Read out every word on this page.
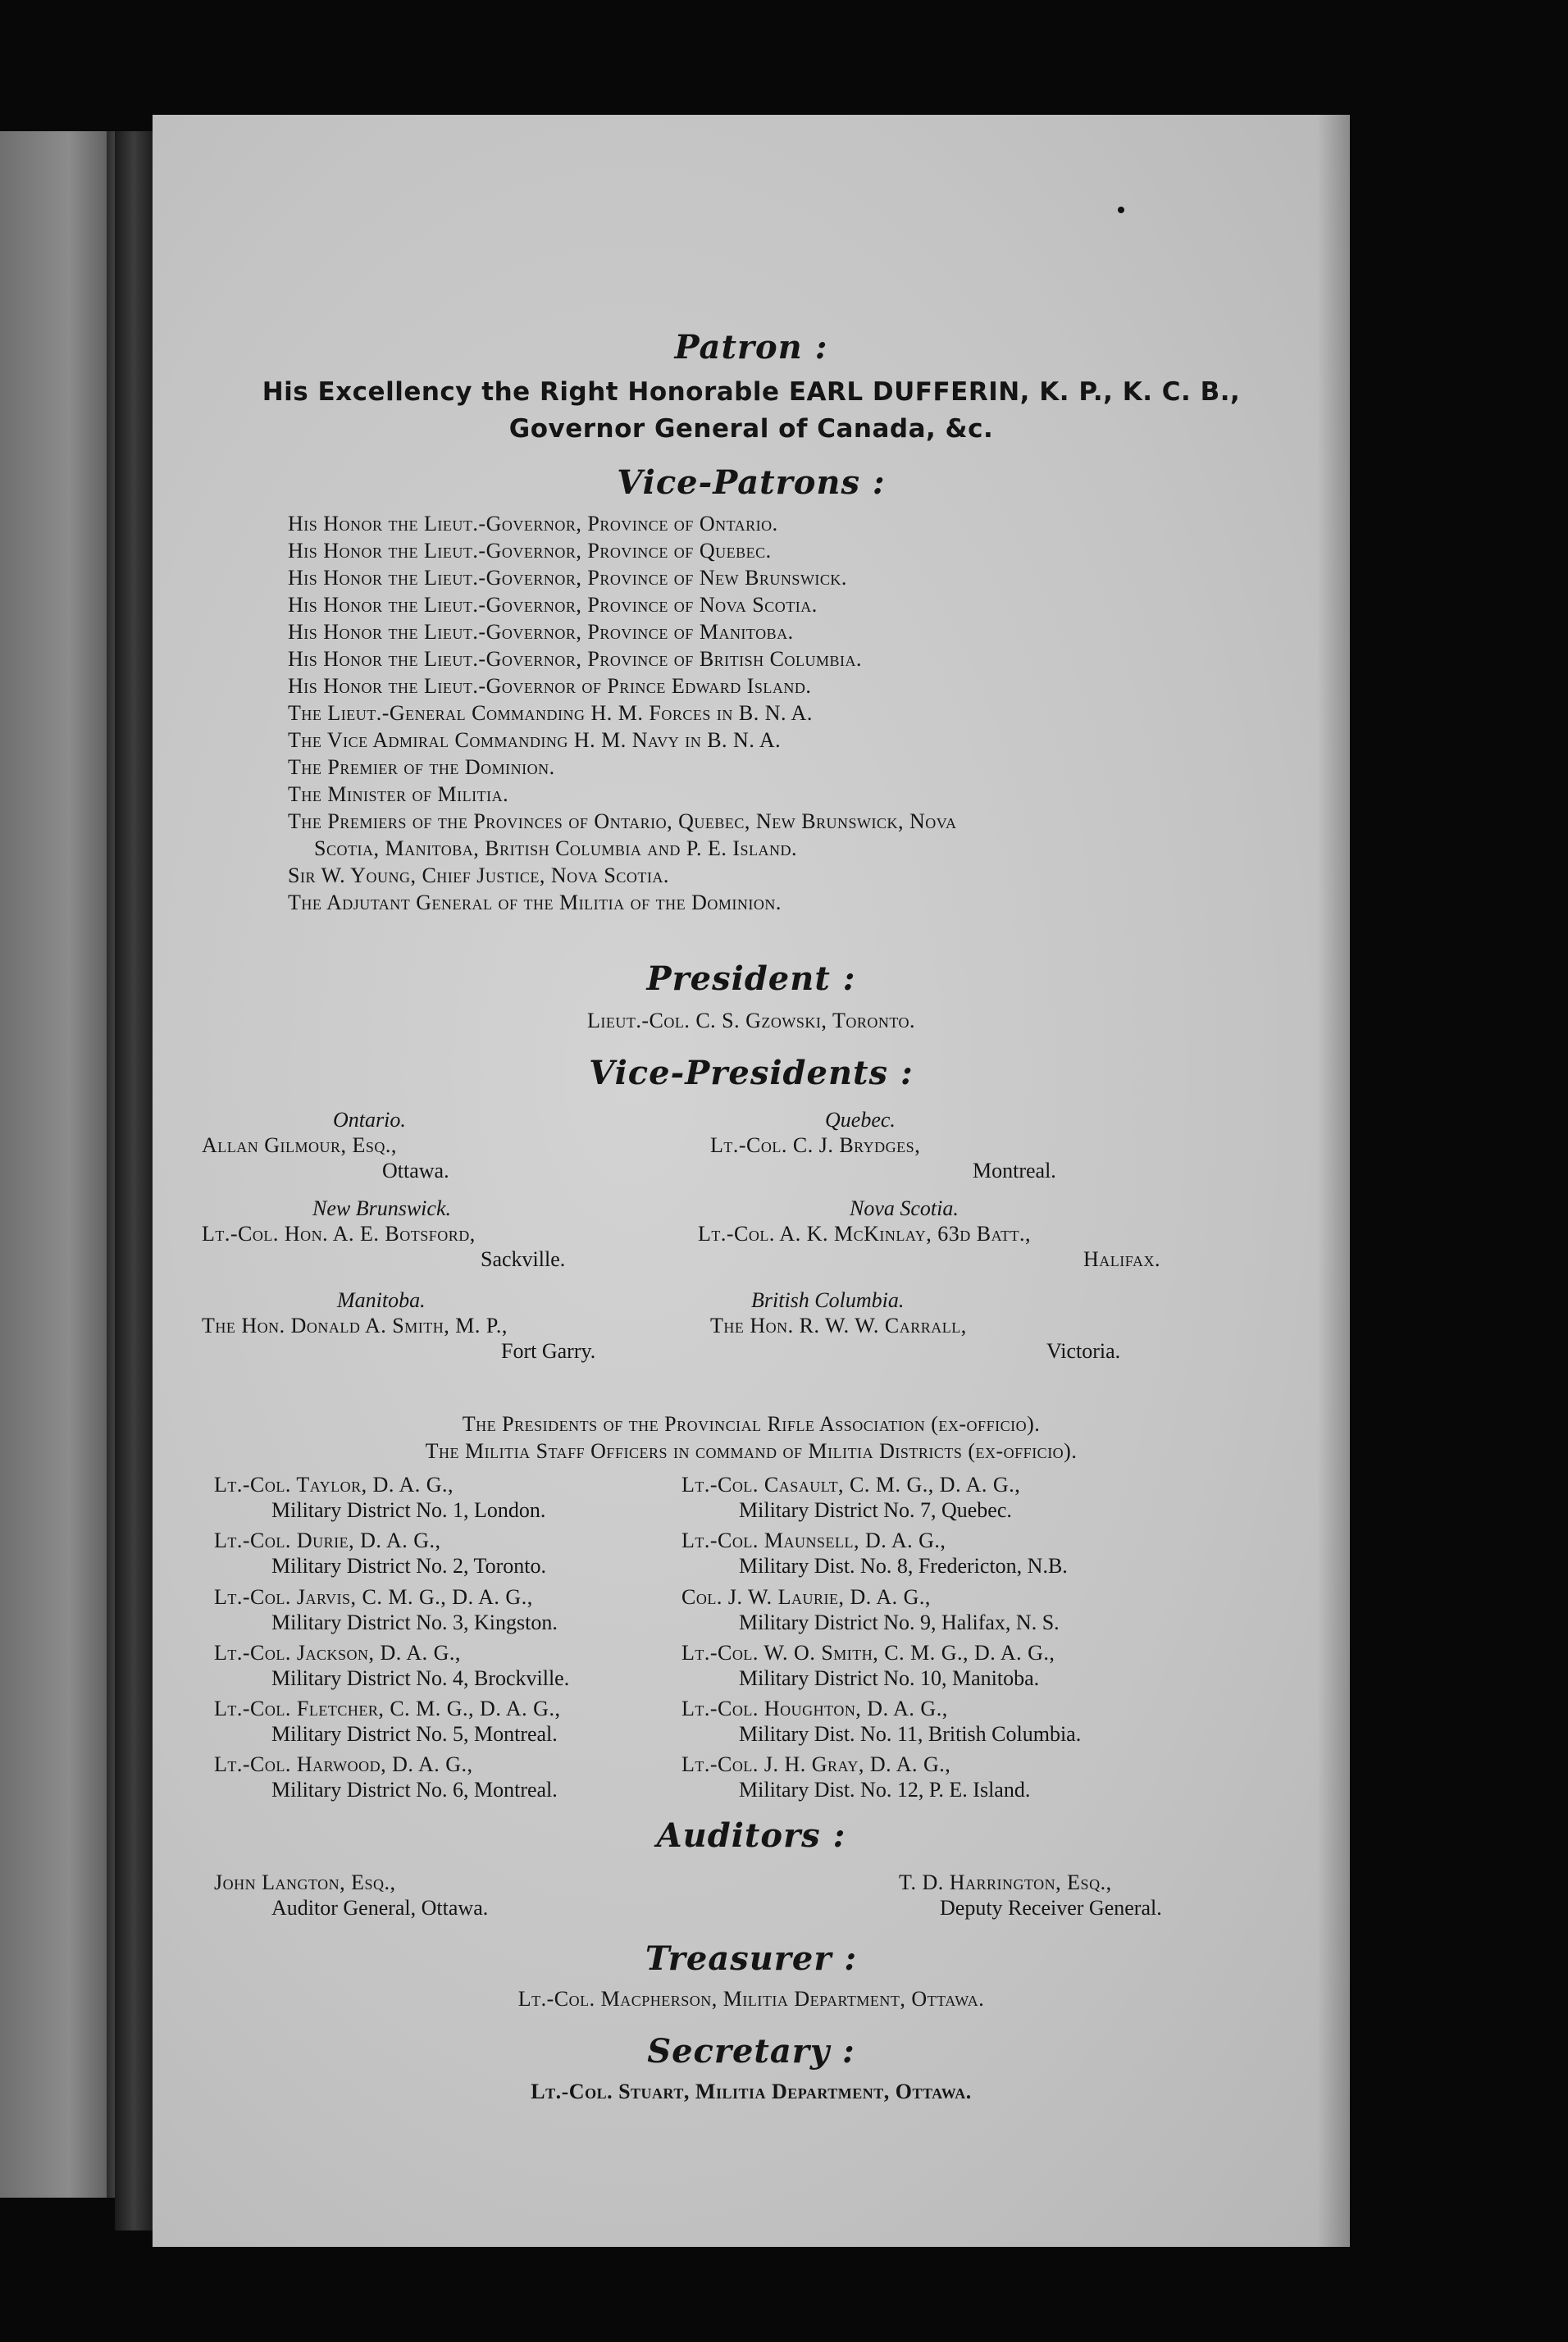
Patron :
His Excellency the Right Honorable EARL DUFFERIN, K. P., K. C. B.,
Governor General of Canada, &c.
Vice-Patrons :
His Honor the Lieut.-Governor, Province of Ontario.
His Honor the Lieut.-Governor, Province of Quebec.
His Honor the Lieut.-Governor, Province of New Brunswick.
His Honor the Lieut.-Governor, Province of Nova Scotia.
His Honor the Lieut.-Governor, Province of Manitoba.
His Honor the Lieut.-Governor, Province of British Columbia.
His Honor the Lieut.-Governor of Prince Edward Island.
The Lieut.-General Commanding H. M. Forces in B. N. A.
The Vice Admiral Commanding H. M. Navy in B. N. A.
The Premier of the Dominion.
The Minister of Militia.
The Premiers of the Provinces of Ontario, Quebec, New Brunswick, Nova
Scotia, Manitoba, British Columbia and P. E. Island.
Sir W. Young, Chief Justice, Nova Scotia.
The Adjutant General of the Militia of the Dominion.
President :
Lieut.-Col. C. S. Gzowski, Toronto.
Vice-Presidents :
Ontario.
Allan Gilmour, Esq.,
Ottawa.
Quebec.
Lt.-Col. C. J. Brydges,
Montreal.
New Brunswick.
Lt.-Col. Hon. A. E. Botsford,
Sackville.
Nova Scotia.
Lt.-Col. A. K. McKinlay, 63d Batt.,
Halifax.
Manitoba.
The Hon. Donald A. Smith, M. P.,
Fort Garry.
British Columbia.
The Hon. R. W. W. Carrall,
Victoria.
The Presidents of the Provincial Rifle Association (ex-officio).
The Militia Staff Officers in command of Militia Districts (ex-officio).
Lt.-Col. Taylor, D. A. G.,
Military District No. 1, London.
Lt.-Col. Casault, C. M. G., D. A. G.,
Military District No. 7, Quebec.
Lt.-Col. Durie, D. A. G.,
Military District No. 2, Toronto.
Lt.-Col. Maunsell, D. A. G.,
Military Dist. No. 8, Fredericton, N.B.
Lt.-Col. Jarvis, C. M. G., D. A. G.,
Military District No. 3, Kingston.
Col. J. W. Laurie, D. A. G.,
Military District No. 9, Halifax, N. S.
Lt.-Col. Jackson, D. A. G.,
Military District No. 4, Brockville.
Lt.-Col. W. O. Smith, C. M. G., D. A. G.,
Military District No. 10, Manitoba.
Lt.-Col. Fletcher, C. M. G., D. A. G.,
Military District No. 5, Montreal.
Lt.-Col. Houghton, D. A. G.,
Military Dist. No. 11, British Columbia.
Lt.-Col. Harwood, D. A. G.,
Military District No. 6, Montreal.
Lt.-Col. J. H. Gray, D. A. G.,
Military Dist. No. 12, P. E. Island.
Auditors :
John Langton, Esq.,
Auditor General, Ottawa.
T. D. Harrington, Esq.,
Deputy Receiver General.
Treasurer :
Lt.-Col. Macpherson, Militia Department, Ottawa.
Secretary :
Lt.-Col. Stuart, Militia Department, Ottawa.
